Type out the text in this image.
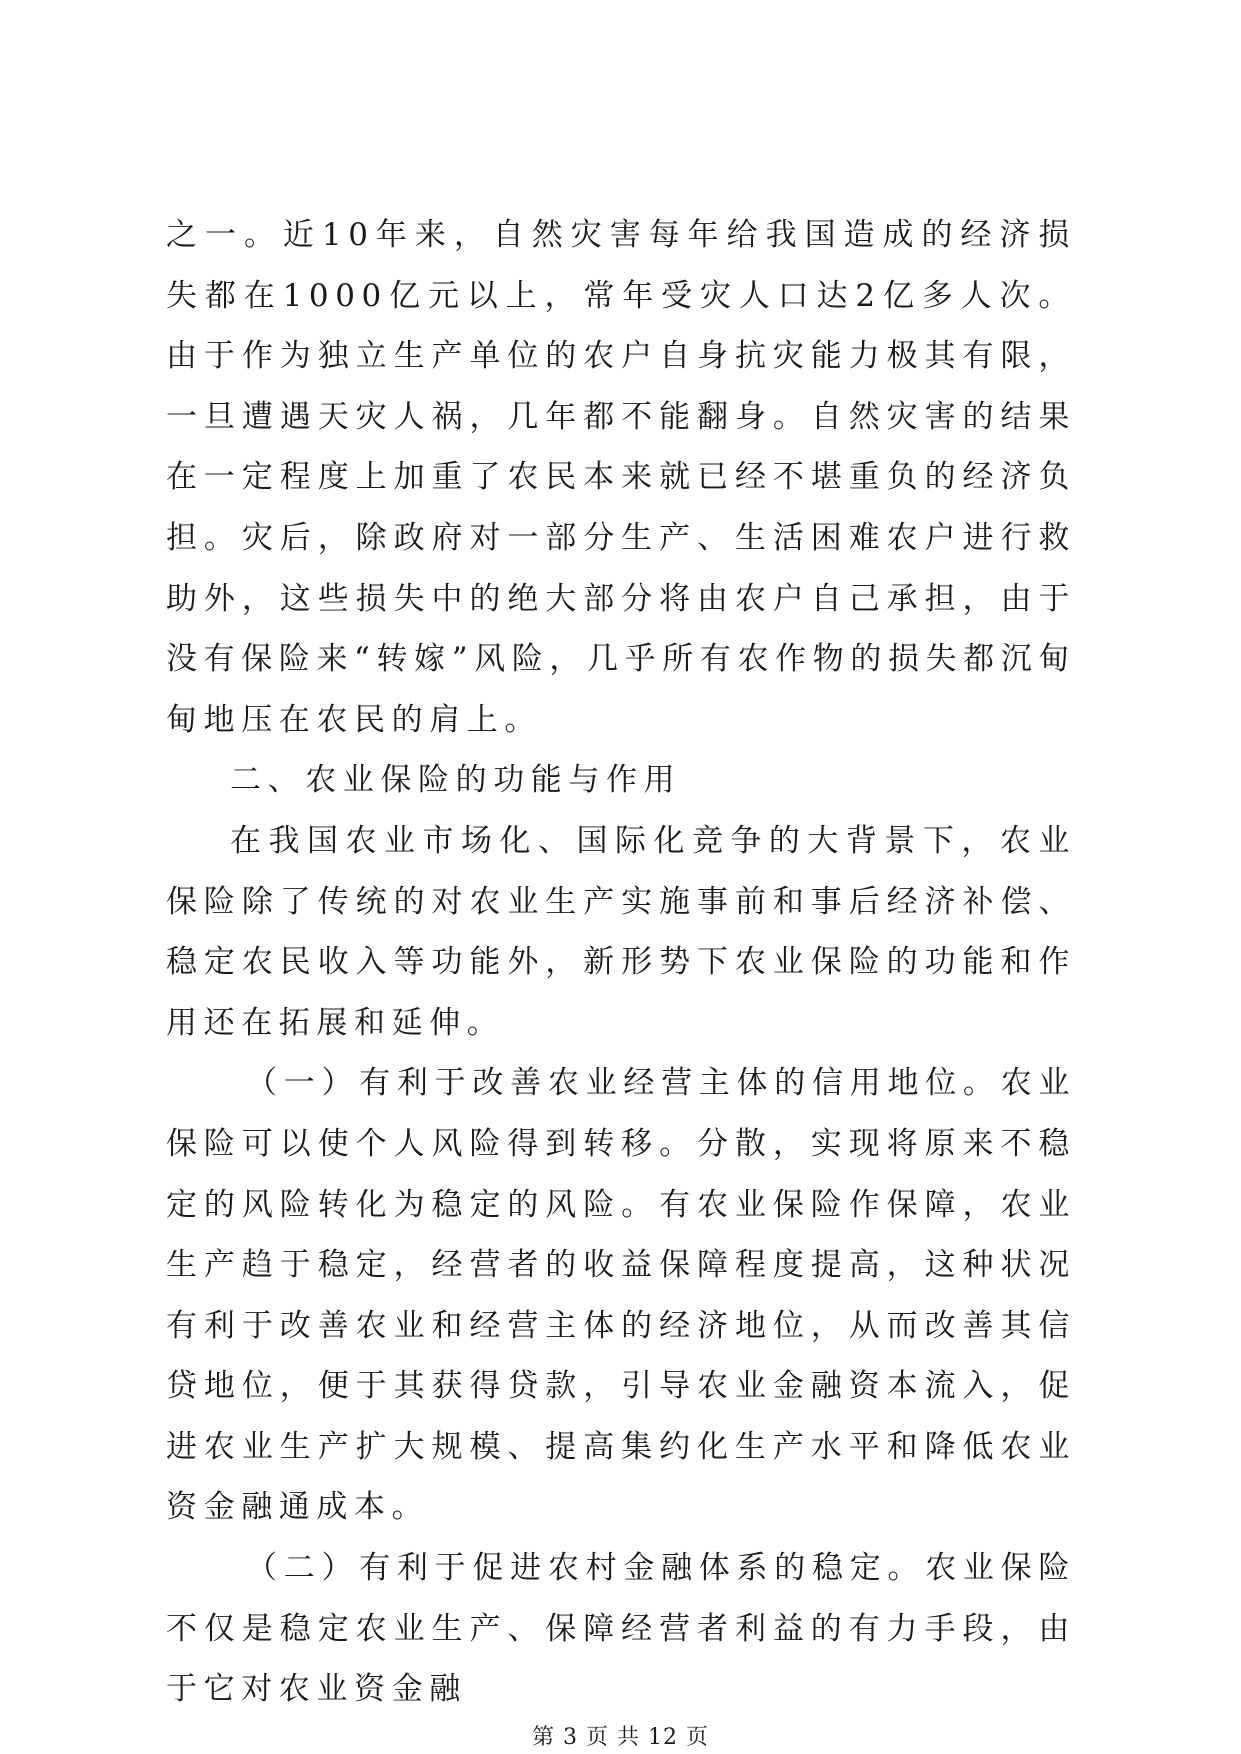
之一。近10年来，自然灾害每年给我国造成的经济损失都在1000亿元以上，常年受灾人口达2亿多人次。由于作为独立生产单位的农户自身抗灾能力极其有限，一旦遭遇天灾人祸，几年都不能翻身。自然灾害的结果在一定程度上加重了农民本来就已经不堪重负的经济负担。灾后，除政府对一部分生产、生活困难农户进行救助外，这些损失中的绝大部分将由农户自己承担，由于没有保险来“转嫁”风险，几乎所有农作物的损失都沉甸甸地压在农民的肩上。

二、农业保险的功能与作用

在我国农业市场化、国际化竞争的大背景下，农业保险除了传统的对农业生产实施事前和事后经济补偿、稳定农民收入等功能外，新形势下农业保险的功能和作用还在拓展和延伸。

（一）有利于改善农业经营主体的信用地位。农业保险可以使个人风险得到转移。分散，实现将原来不稳定的风险转化为稳定的风险。有农业保险作保障，农业生产趋于稳定，经营者的收益保障程度提高，这种状况有利于改善农业和经营主体的经济地位，从而改善其信贷地位，便于其获得贷款，引导农业金融资本流入，促进农业生产扩大规模、提高集约化生产水平和降低农业资金融通成本。

（二）有利于促进农村金融体系的稳定。农业保险不仅是稳定农业生产、保障经营者利益的有力手段，由于它对农业资金融

第 3 页 共 12 页
